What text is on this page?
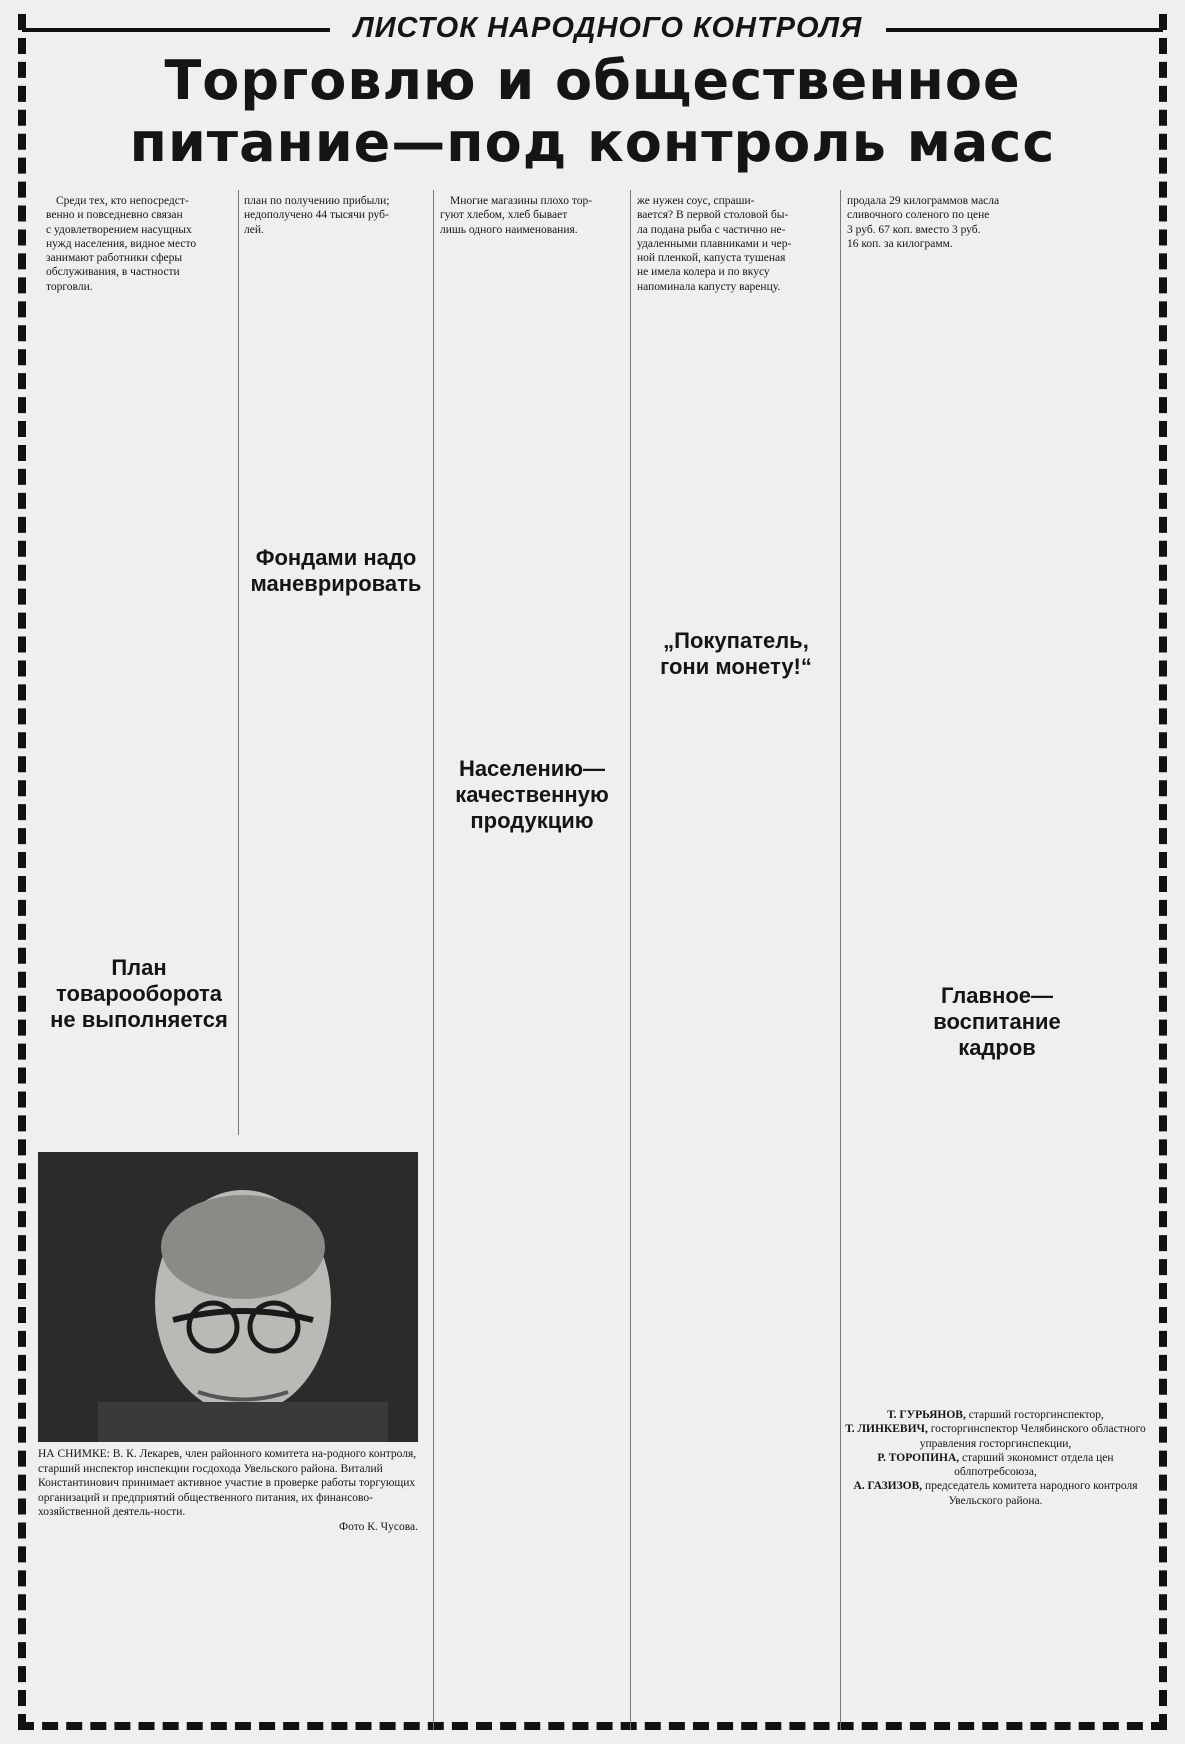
ЛИСТОК НАРОДНОГО КОНТРОЛЯ
Торговлю и общественное
питание—под контроль масс
Среди тех, кто непосредст-
венно и повседневно связан
с удовлетворением насущных
нужд населения, видное место
занимают работники сферы
обслуживания, в частности
торговли.
план по получению прибыли;
недополучено 44 тысячи руб-
лей.
Многие магазины плохо тор-
гуют хлебом, хлеб бывает
лишь одного наименования.
же нужен соус, спраши-
вается? В первой столовой бы-
ла подана рыба с частично не-
удаленными плавниками и чер-
ной пленкой, капуста тушеная
не имела колера и по вкусу
напоминала капусту варенцу.
продала 29 килограммов масла
сливочного соленого по цене
3 руб. 67 коп. вместо 3 руб.
16 коп. за килограмм.
Фондами надо
маневрировать
План
товарооборота
не выполняется
Населению—
качественную
продукцию
„Покупатель,
гони монету!“
Главное—
воспитание
кадров
НА СНИМКЕ: В. К. Лекарев, член районного комитета на-родного контроля, старший инспектор инспекции госдохода Увельского района. Виталий Константинович принимает активное участие в проверке работы торгующих организаций и предприятий общественного питания, их финансово-хозяйственной деятель-ности.
Фото К. Чусова.
Т. ГУРЬЯНОВ, старший госторгинспектор,
Т. ЛИНКЕВИЧ, госторгинспектор Челябинского областного управления госторгинспекции,
Р. ТОРОПИНА, старший экономист отдела цен облпотребсоюза,
А. ГАЗИЗОВ, председатель комитета народного контроля Увельского района.
